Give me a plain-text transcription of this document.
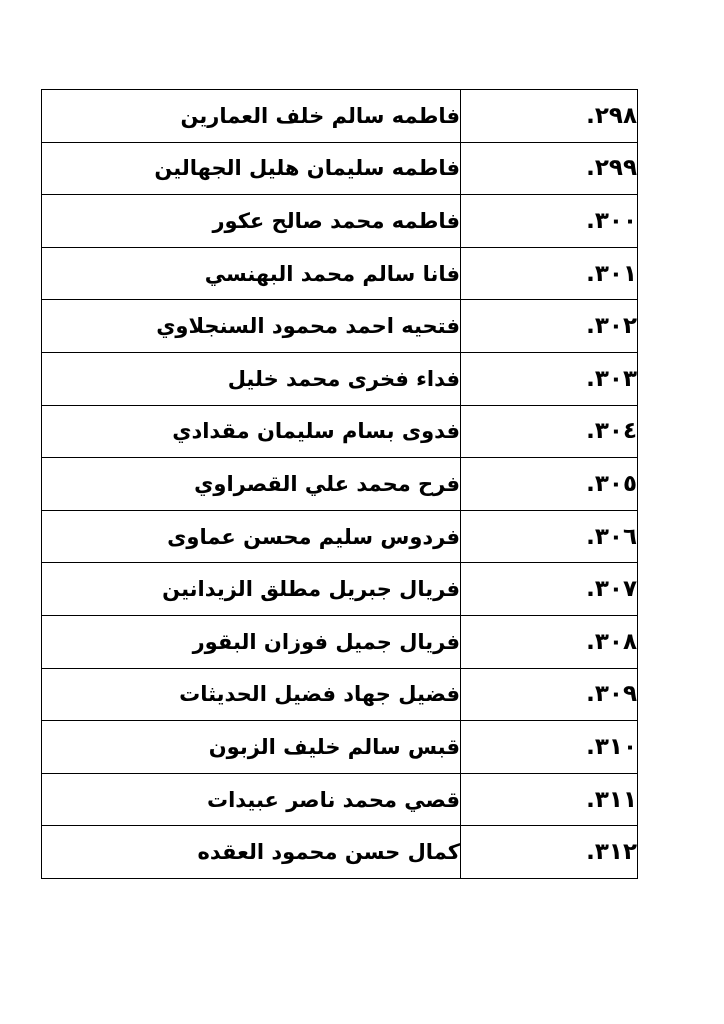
٢٩٨.	فاطمه سالم خلف العمارين
٢٩٩.	فاطمه سليمان هليل الجهالين
٣٠٠.	فاطمه محمد صالح عكور
٣٠١.	فانا سالم محمد البهنسي
٣٠٢.	فتحيه احمد محمود السنجلاوي
٣٠٣.	فداء فخرى محمد خليل
٣٠٤.	فدوى بسام سليمان مقدادي
٣٠٥.	فرح محمد علي القصراوي
٣٠٦.	فردوس سليم محسن عماوى
٣٠٧.	فريال جبريل مطلق الزيدانين
٣٠٨.	فريال جميل فوزان البقور
٣٠٩.	فضيل جهاد فضيل الحديثات
٣١٠.	قبس سالم خليف الزبون
٣١١.	قصي محمد ناصر عبيدات
٣١٢.	كمال حسن محمود العقده
